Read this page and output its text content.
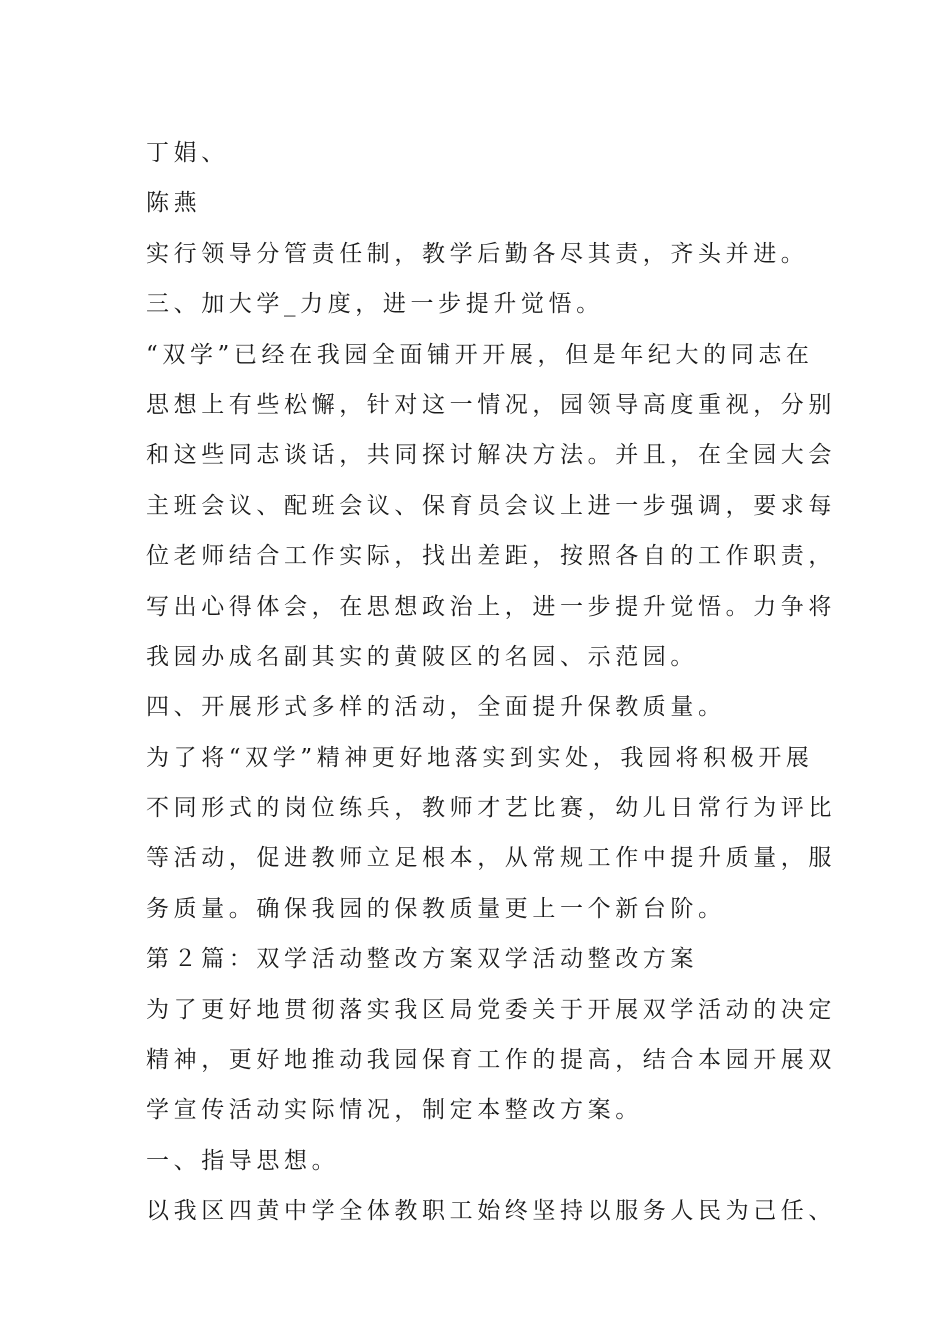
丁娟、
陈燕
实行领导分管责任制，教学后勤各尽其责，齐头并进。
三、加大学_力度，进一步提升觉悟。
“双学”已经在我园全面铺开开展，但是年纪大的同志在
思想上有些松懈，针对这一情况，园领导高度重视，分别
和这些同志谈话，共同探讨解决方法。并且，在全园大会
主班会议、配班会议、保育员会议上进一步强调，要求每
位老师结合工作实际，找出差距，按照各自的工作职责，
写出心得体会，在思想政治上，进一步提升觉悟。力争将
我园办成名副其实的黄陂区的名园、示范园。
四、开展形式多样的活动，全面提升保教质量。
为了将“双学”精神更好地落实到实处，我园将积极开展
不同形式的岗位练兵，教师才艺比赛，幼儿日常行为评比
等活动，促进教师立足根本，从常规工作中提升质量，服
务质量。确保我园的保教质量更上一个新台阶。
第２篇：双学活动整改方案双学活动整改方案
为了更好地贯彻落实我区局党委关于开展双学活动的决定
精神，更好地推动我园保育工作的提高，结合本园开展双
学宣传活动实际情况，制定本整改方案。
一、指导思想。
以我区四黄中学全体教职工始终坚持以服务人民为己任、
